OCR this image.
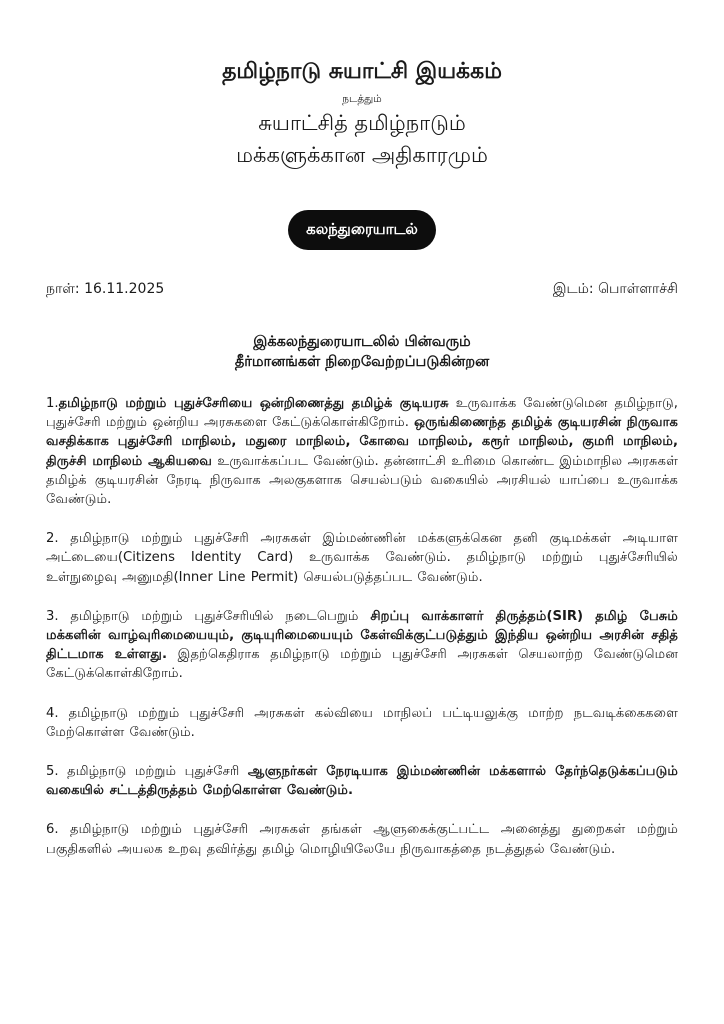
தமிழ்நாடு சுயாட்சி இயக்கம்
நடத்தும்
சுயாட்சித் தமிழ்நாடும்
மக்களுக்கான அதிகாரமும்
கலந்துரையாடல்
நாள்: 16.11.2025	இடம்: பொள்ளாச்சி
இக்கலந்துரையாடலில் பின்வரும்
தீர்மானங்கள் நிறைவேற்றப்படுகின்றன
1.தமிழ்நாடு மற்றும் புதுச்சேரியை ஒன்றிணைத்து தமிழ்க் குடியரசு உருவாக்க வேண்டுமென தமிழ்நாடு, புதுச்சேரி மற்றும் ஒன்றிய அரசுகளை கேட்டுக்கொள்கிறோம். ஒருங்கிணைந்த தமிழ்க் குடியரசின் நிருவாக வசதிக்காக புதுச்சேரி மாநிலம், மதுரை மாநிலம், கோவை மாநிலம், கரூர் மாநிலம், குமரி மாநிலம், திருச்சி மாநிலம் ஆகியவை உருவாக்கப்பட வேண்டும். தன்னாட்சி உரிமை கொண்ட இம்மாநில அரசுகள் தமிழ்க் குடியரசின் நேரடி நிருவாக அலகுகளாக செயல்படும் வகையில் அரசியல் யாப்பை உருவாக்க வேண்டும்.
2. தமிழ்நாடு மற்றும் புதுச்சேரி அரசுகள் இம்மண்ணின் மக்களுக்கென தனி குடிமக்கள் அடியாள அட்டையை(Citizens Identity Card) உருவாக்க வேண்டும். தமிழ்நாடு மற்றும் புதுச்சேரியில் உள்நுழைவு அனுமதி(Inner Line Permit) செயல்படுத்தப்பட வேண்டும்.
3. தமிழ்நாடு மற்றும் புதுச்சேரியில் நடைபெறும் சிறப்பு வாக்காளர் திருத்தம்(SIR) தமிழ் பேசும் மக்களின் வாழ்வுரிமையையும், குடியுரிமையையும் கேள்விக்குட்படுத்தும் இந்திய ஒன்றிய அரசின் சதித் திட்டமாக உள்ளது. இதற்கெதிராக தமிழ்நாடு மற்றும் புதுச்சேரி அரசுகள் செயலாற்ற வேண்டுமென கேட்டுக்கொள்கிறோம்.
4. தமிழ்நாடு மற்றும் புதுச்சேரி அரசுகள் கல்வியை மாநிலப் பட்டியலுக்கு மாற்ற நடவடிக்கைகளை மேற்கொள்ள வேண்டும்.
5. தமிழ்நாடு மற்றும் புதுச்சேரி ஆளுநர்கள் நேரடியாக இம்மண்ணின் மக்களால் தேர்ந்தெடுக்கப்படும் வகையில் சட்டத்திருத்தம் மேற்கொள்ள வேண்டும்.
6. தமிழ்நாடு மற்றும் புதுச்சேரி அரசுகள் தங்கள் ஆளுகைக்குட்பட்ட அனைத்து துறைகள் மற்றும் பகுதிகளில் அயலக உறவு தவிர்த்து தமிழ் மொழியிலேயே நிருவாகத்தை நடத்துதல் வேண்டும்.
